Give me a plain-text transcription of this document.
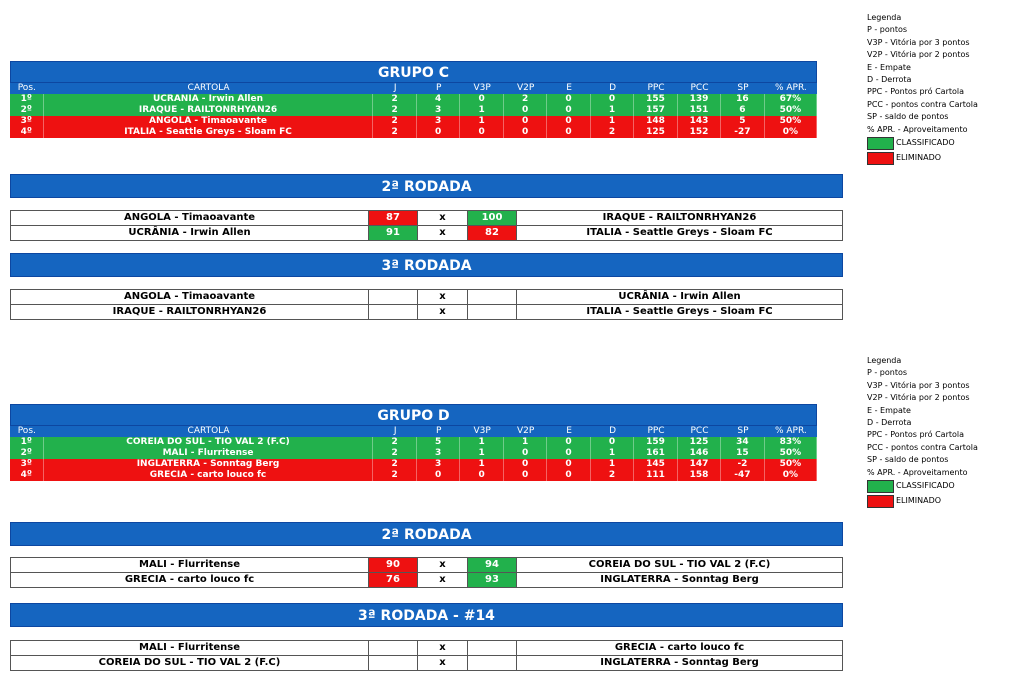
GRUPO C
Pos.	CARTOLA	J	P	V3P	V2P	E	D	PPC	PCC	SP	% APR.
1º	UCRÂNIA - Irwin Allen	2	4	0	2	0	0	155	139	16	67%
2º	IRAQUE - RAILTONRHYAN26	2	3	1	0	0	1	157	151	6	50%
3º	ANGOLA - Timaoavante	2	3	1	0	0	1	148	143	5	50%
4º	ITALIA - Seattle Greys - Sloam FC	2	0	0	0	0	2	125	152	-27	0%
2ª RODADA
ANGOLA - Timaoavante	87	x	100	IRAQUE - RAILTONRHYAN26
UCRÂNIA - Irwin Allen	91	x	82	ITALIA - Seattle Greys - Sloam FC
3ª RODADA
ANGOLA - Timaoavante	x	UCRÂNIA - Irwin Allen
IRAQUE - RAILTONRHYAN26	x	ITALIA - Seattle Greys - Sloam FC
GRUPO D
Pos.	CARTOLA	J	P	V3P	V2P	E	D	PPC	PCC	SP	% APR.
1º	COREIA DO SUL - TIO VAL 2 (F.C)	2	5	1	1	0	0	159	125	34	83%
2º	MALI - Flurritense	2	3	1	0	0	1	161	146	15	50%
3º	INGLATERRA - Sonntag Berg	2	3	1	0	0	1	145	147	-2	50%
4º	GRECIA - carto louco fc	2	0	0	0	0	2	111	158	-47	0%
2ª RODADA
MALI - Flurritense	90	x	94	COREIA DO SUL - TIO VAL 2 (F.C)
GRECIA - carto louco fc	76	x	93	INGLATERRA - Sonntag Berg
3ª RODADA - #14
MALI - Flurritense	x	GRECIA - carto louco fc
COREIA DO SUL - TIO VAL 2 (F.C)	x	INGLATERRA - Sonntag Berg
Legenda
P - pontos
V3P - Vitória por 3 pontos
V2P - Vitória por 2 pontos
E - Empate
D - Derrota
PPC - Pontos pró Cartola
PCC - pontos contra Cartola
SP - saldo de pontos
% APR. - Aproveitamento
CLASSIFICADO
ELIMINADO
Legenda
P - pontos
V3P - Vitória por 3 pontos
V2P - Vitória por 2 pontos
E - Empate
D - Derrota
PPC - Pontos pró Cartola
PCC - pontos contra Cartola
SP - saldo de pontos
% APR. - Aproveitamento
CLASSIFICADO
ELIMINADO
